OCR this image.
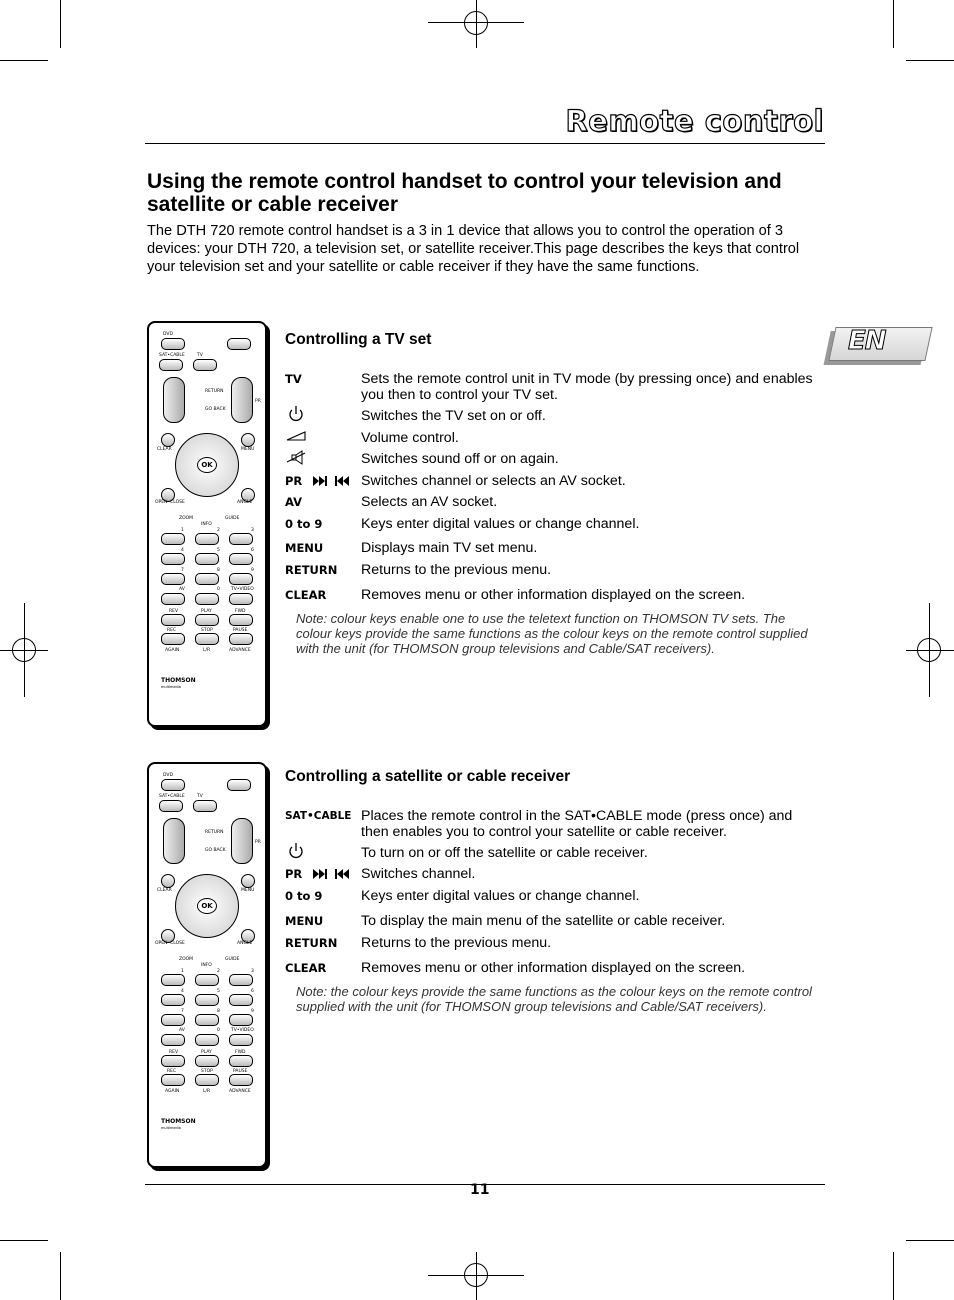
Remote control
EN
Using the remote control handset to control your television and satellite or cable receiver

The DTH 720 remote control handset is a 3 in 1 device that allows you to control the operation of 3 devices: your DTH 720, a television set, or satellite receiver.This page describes the keys that control your television set and your satellite or cable receiver if they have the same functions.

DVD
SAT•CABLE	TV
RETURN
GO BACK
PR
CLEAR	MENU
OK
OPEN•CLOSE	ANGLE
ZOOM	GUIDE
INFO
1	2	3
4	5	6
7	8	9
AV	0 TV•VIDEO
REV	PLAY	FWD
REC	STOP	PAUSE
AGAIN	L/R	ADVANCE
THOMSON
multimedia
Controlling a TV set
TV	Sets the remote control unit in TV mode (by pressing once) and enables you then to control your TV set.
Switches the TV set on or off.
Volume control.
Switches sound off or on again.
PR	Switches channel or selects an AV socket.
AV	Selects an AV socket.
0 to 9	Keys enter digital values or change channel.
MENU	Displays main TV set menu.
RETURN Returns to the previous menu.
CLEAR Removes menu or other information displayed on the screen.

Note: colour keys enable one to use the teletext function on THOMSON TV sets. The colour keys provide the same functions as the colour keys on the remote control supplied with the unit (for THOMSON group televisions and Cable/SAT receivers).

DVD
SAT•CABLE	TV
RETURN
GO BACK
PR
CLEAR	MENU
OK
OPEN•CLOSE	ANGLE
ZOOM	GUIDE
INFO
1	2	3
4	5	6
7	8	9
AV	0 TV•VIDEO
REV	PLAY	FWD
REC	STOP	PAUSE
AGAIN	L/R	ADVANCE
THOMSON
multimedia
Controlling a satellite or cable receiver
SAT•CABLE Places the remote control in the SAT•CABLE mode (press once) and then enables you to control your satellite or cable receiver.
To turn on or off the satellite or cable receiver.
PR	Switches channel.
0 to 9	Keys enter digital values or change channel.
MENU	To display the main menu of the satellite or cable receiver.
RETURN Returns to the previous menu.
CLEAR Removes menu or other information displayed on the screen.

Note: the colour keys provide the same functions as the colour keys on the remote control supplied with the unit (for THOMSON group televisions and Cable/SAT receivers).

11
